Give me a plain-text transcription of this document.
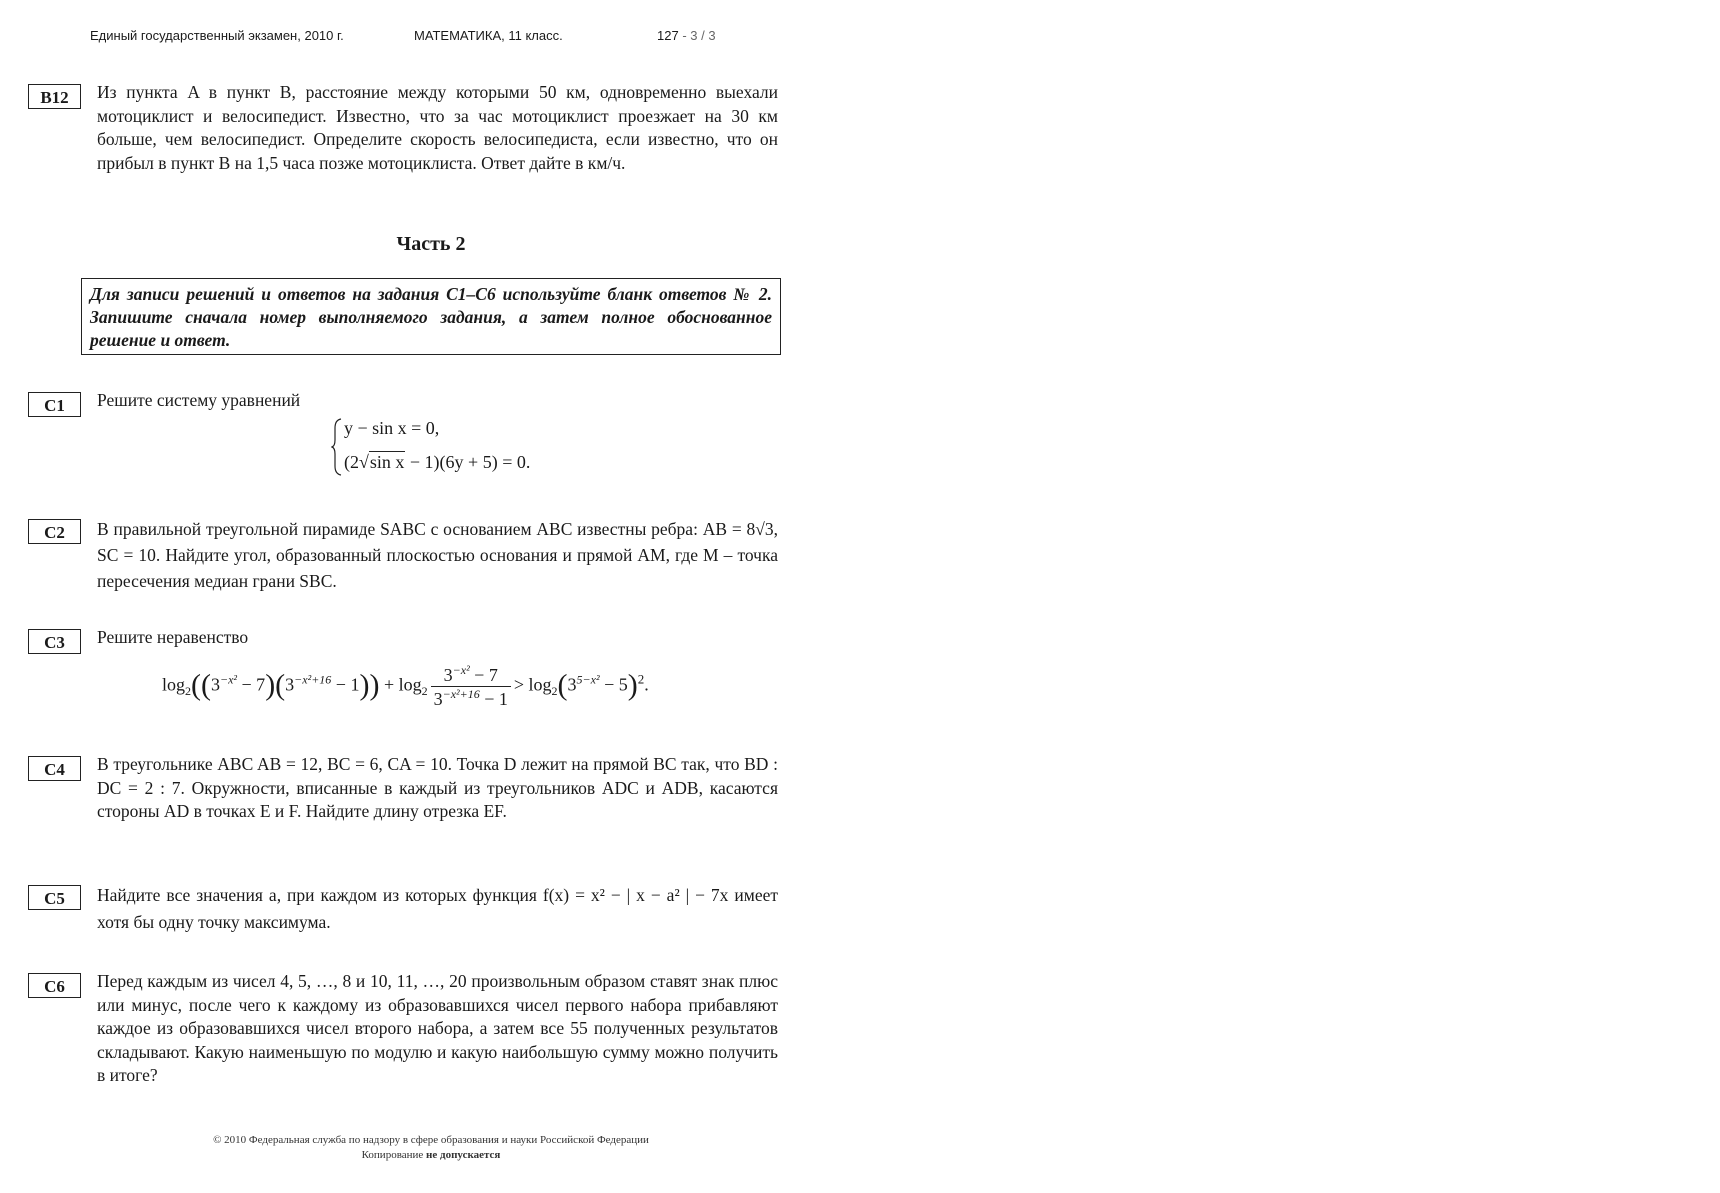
Единый государственный экзамен, 2010 г.	МАТЕМАТИКА, 11 класс.	127 - 3 / 3
B12	Из пункта A в пункт B, расстояние между которыми 50 км, одновременно выехали мотоциклист и велосипедист. Известно, что за час мотоциклист проезжает на 30 км больше, чем велосипедист. Определите скорость велосипедиста, если известно, что он прибыл в пункт B на 1,5 часа позже мотоциклиста. Ответ дайте в км/ч.
Часть 2
Для записи решений и ответов на задания С1–С6 используйте бланк ответов № 2. Запишите сначала номер выполняемого задания, а затем полное обоснованное решение и ответ.
C1	Решите систему уравнений
y − sin x = 0,
(2√sin x − 1)(6y + 5) = 0.
C2	В правильной треугольной пирамиде SABC с основанием ABC известны ребра: AB = 8√3, SC = 10. Найдите угол, образованный плоскостью основания и прямой AM, где M – точка пересечения медиан грани SBC.
C3	Решите неравенство
$\log_2((3^{-x^2} - 7)(3^{-x^2+16} - 1)) + \log_2 \frac{3^{-x^2} - 7}{3^{-x^2+16} - 1} > \log_2(3^{5-x^2} - 5)^2$.
C4	В треугольнике ABC AB = 12, BC = 6, CA = 10. Точка D лежит на прямой BC так, что BD : DC = 2 : 7. Окружности, вписанные в каждый из треугольников ADC и ADB, касаются стороны AD в точках E и F. Найдите длину отрезка EF.
C5	Найдите все значения a, при каждом из которых функция f(x) = x² − | x − a² | − 7x имеет хотя бы одну точку максимума.
C6	Перед каждым из чисел 4, 5, …, 8 и 10, 11, …, 20 произвольным образом ставят знак плюс или минус, после чего к каждому из образовавшихся чисел первого набора прибавляют каждое из образовавшихся чисел второго набора, а затем все 55 полученных результатов складывают. Какую наименьшую по модулю и какую наибольшую сумму можно получить в итоге?
© 2010 Федеральная служба по надзору в сфере образования и науки Российской Федерации
Копирование не допускается
